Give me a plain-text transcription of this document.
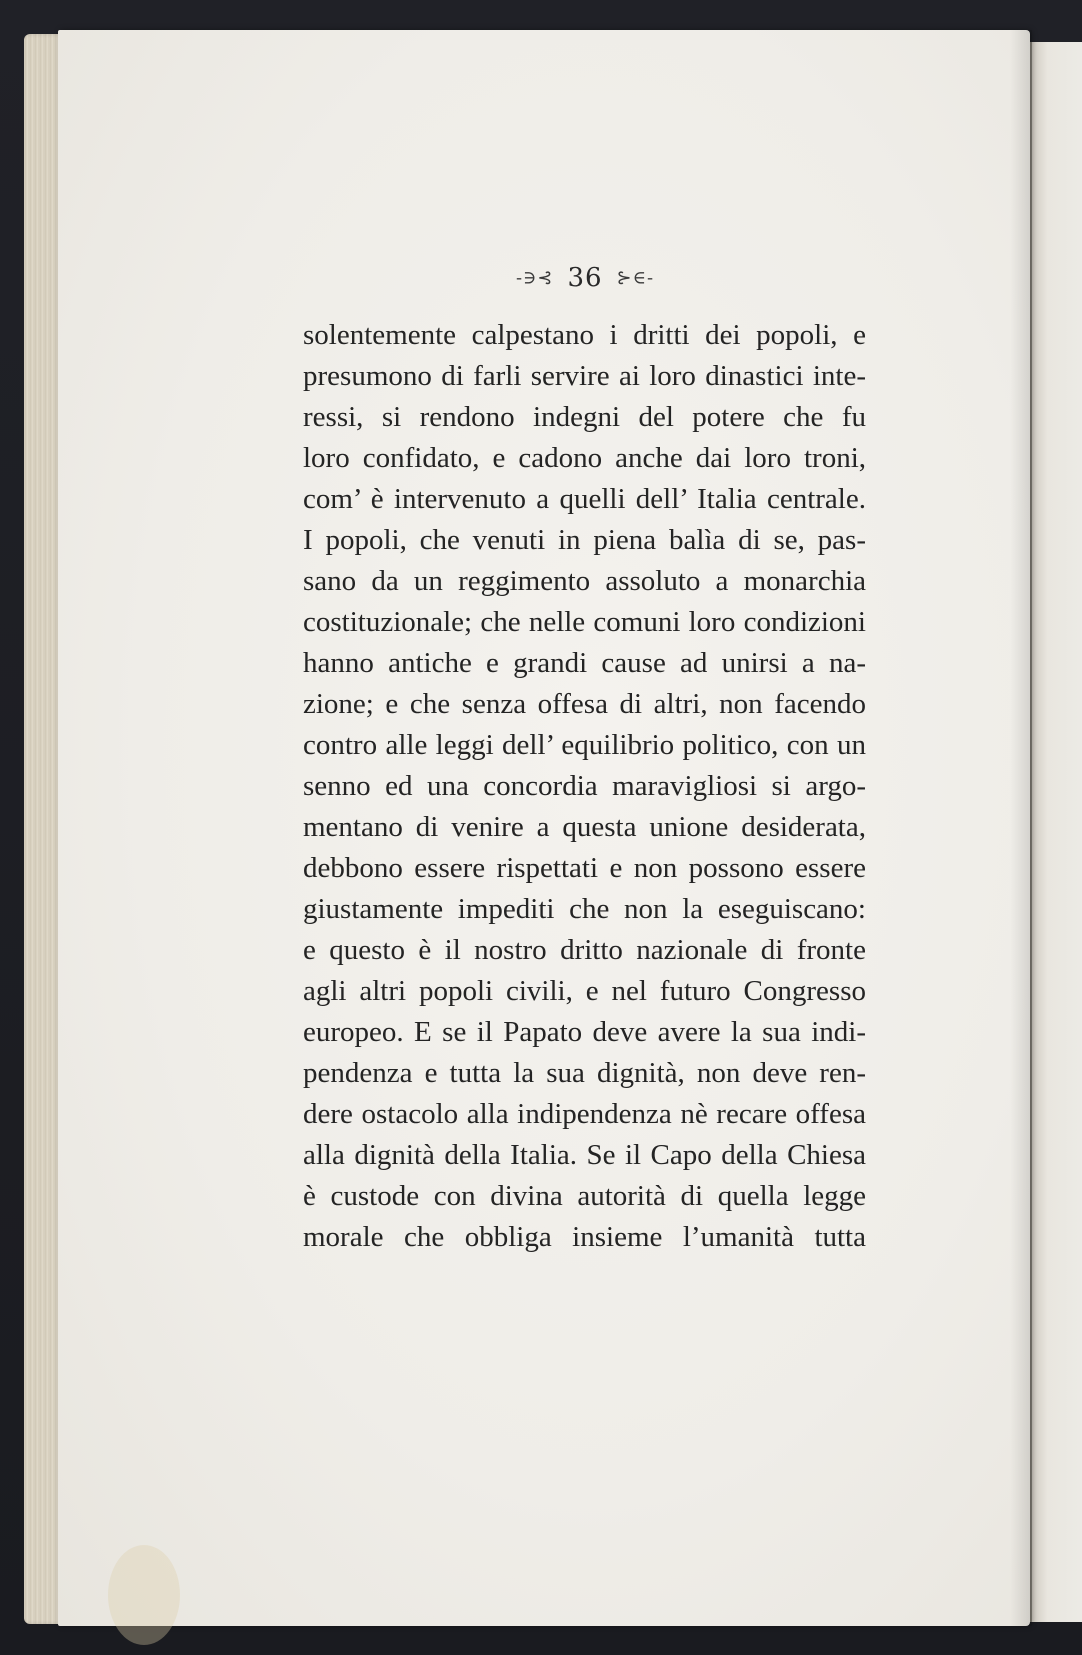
-∋⊰ 36 ⊱∈-
solentemente calpestano i dritti dei popoli, e
presumono di farli servire ai loro dinastici inte-
ressi, si rendono indegni del potere che fu
loro confidato, e cadono anche dai loro troni,
com’ è intervenuto a quelli dell’ Italia centrale.
I popoli, che venuti in piena balìa di se, pas-
sano da un reggimento assoluto a monarchia
costituzionale; che nelle comuni loro condizioni
hanno antiche e grandi cause ad unirsi a na-
zione; e che senza offesa di altri, non facendo
contro alle leggi dell’ equilibrio politico, con un
senno ed una concordia maravigliosi si argo-
mentano di venire a questa unione desiderata,
debbono essere rispettati e non possono essere
giustamente impediti che non la eseguiscano:
e questo è il nostro dritto nazionale di fronte
agli altri popoli civili, e nel futuro Congresso
europeo. E se il Papato deve avere la sua indi-
pendenza e tutta la sua dignità, non deve ren-
dere ostacolo alla indipendenza nè recare offesa
alla dignità della Italia. Se il Capo della Chiesa
è custode con divina autorità di quella legge
morale che obbliga insieme l’umanità tutta
